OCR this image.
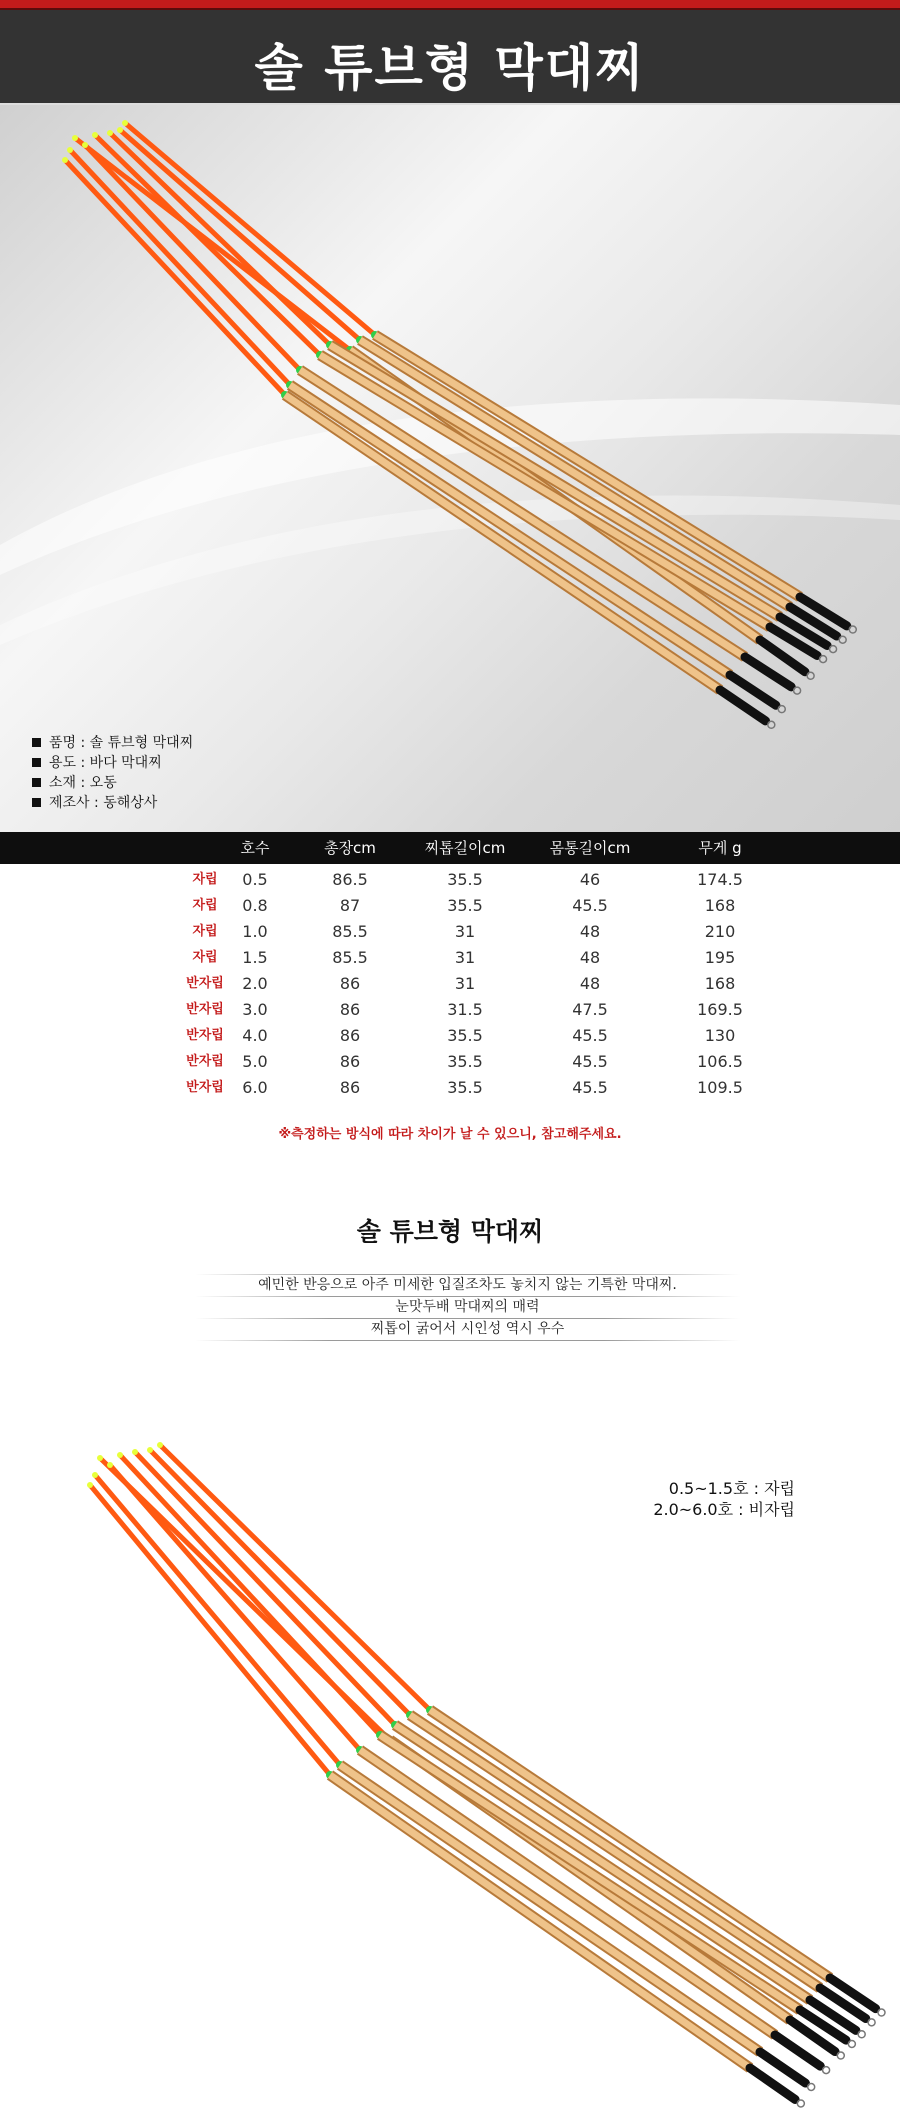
솔 튜브형 막대찌
품명 : 솔 튜브형 막대찌
용도 : 바다 막대찌
소재 : 오동
제조사 : 동해상사
호수	총장cm	찌톱길이cm	몸통길이cm	무게 g
자립	0.5	86.5	35.5	46	174.5
자립	0.8	87	35.5	45.5	168
자립	1.0	85.5	31	48	210
자립	1.5	85.5	31	48	195
반자립	2.0	86	31	48	168
반자립	3.0	86	31.5	47.5	169.5
반자립	4.0	86	35.5	45.5	130
반자립	5.0	86	35.5	45.5	106.5
반자립	6.0	86	35.5	45.5	109.5
※측정하는 방식에 따라 차이가 날 수 있으니, 참고해주세요.
솔 튜브형 막대찌
예민한 반응으로 아주 미세한 입질조차도 놓치지 않는 기특한 막대찌.
눈맛두배 막대찌의 매력
찌톱이 굵어서 시인성 역시 우수
0.5~1.5호 : 자립
2.0~6.0호 : 비자립
